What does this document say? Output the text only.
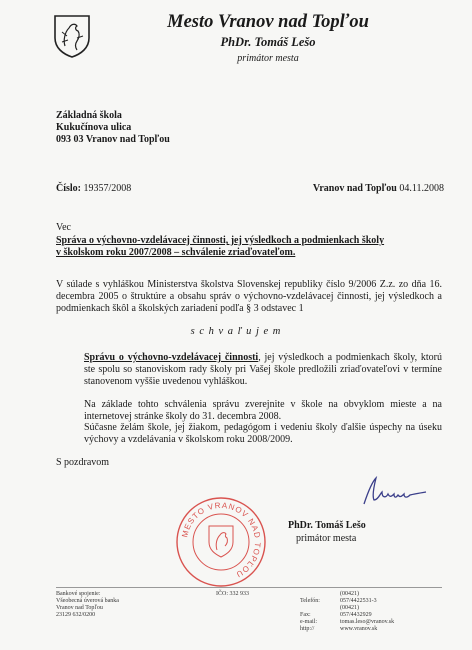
Mesto Vranov nad Topľou
PhDr. Tomáš Lešo
primátor mesta
Základná škola
Kukučínova ulica
093 03 Vranov nad Topľou
Číslo: 19357/2008	Vranov nad Topľou 04.11.2008
Vec
Správa o výchovno-vzdelávacej činnosti, jej výsledkoch a podmienkach školy
v školskom roku 2007/2008 – schválenie zriaďovateľom.
V súlade s vyhláškou Ministerstva školstva Slovenskej republiky číslo 9/2006 Z.z. zo dňa 16. decembra 2005 o štruktúre a obsahu správ o výchovno-vzdelávacej činnosti, jej výsledkoch a podmienkach škôl a školských zariadení podľa § 3 odstavec 1
s c h v a ľ u j e m
Správu o výchovno-vzdelávacej činnosti, jej výsledkoch a podmienkach školy, ktorú ste spolu so stanoviskom rady školy pri Vašej škole predložili zriaďovateľovi v termíne stanovenom vyššie uvedenou vyhláškou.
Na základe tohto schválenia správu zverejnite v škole na obvyklom mieste a na internetovej stránke školy do 31. decembra 2008.
Súčasne želám škole, jej žiakom, pedagógom i vedeniu školy ďalšie úspechy na úseku výchovy a vzdelávania v školskom roku 2008/2009.
S pozdravom
PhDr. Tomáš Lešo
primátor mesta
MESTO VRANOV NAD TOPĽOU
Bankové spojenie:
Všeobecná úverová banka
Vranov nad Topľou
23129 632/0200
IČO: 332 933
Telefón:(00421) 057/4422531-3
Fax:(00421) 057/4432929
e-mail:	tomas.leso@vranov.sk
http://	www.vranov.sk
